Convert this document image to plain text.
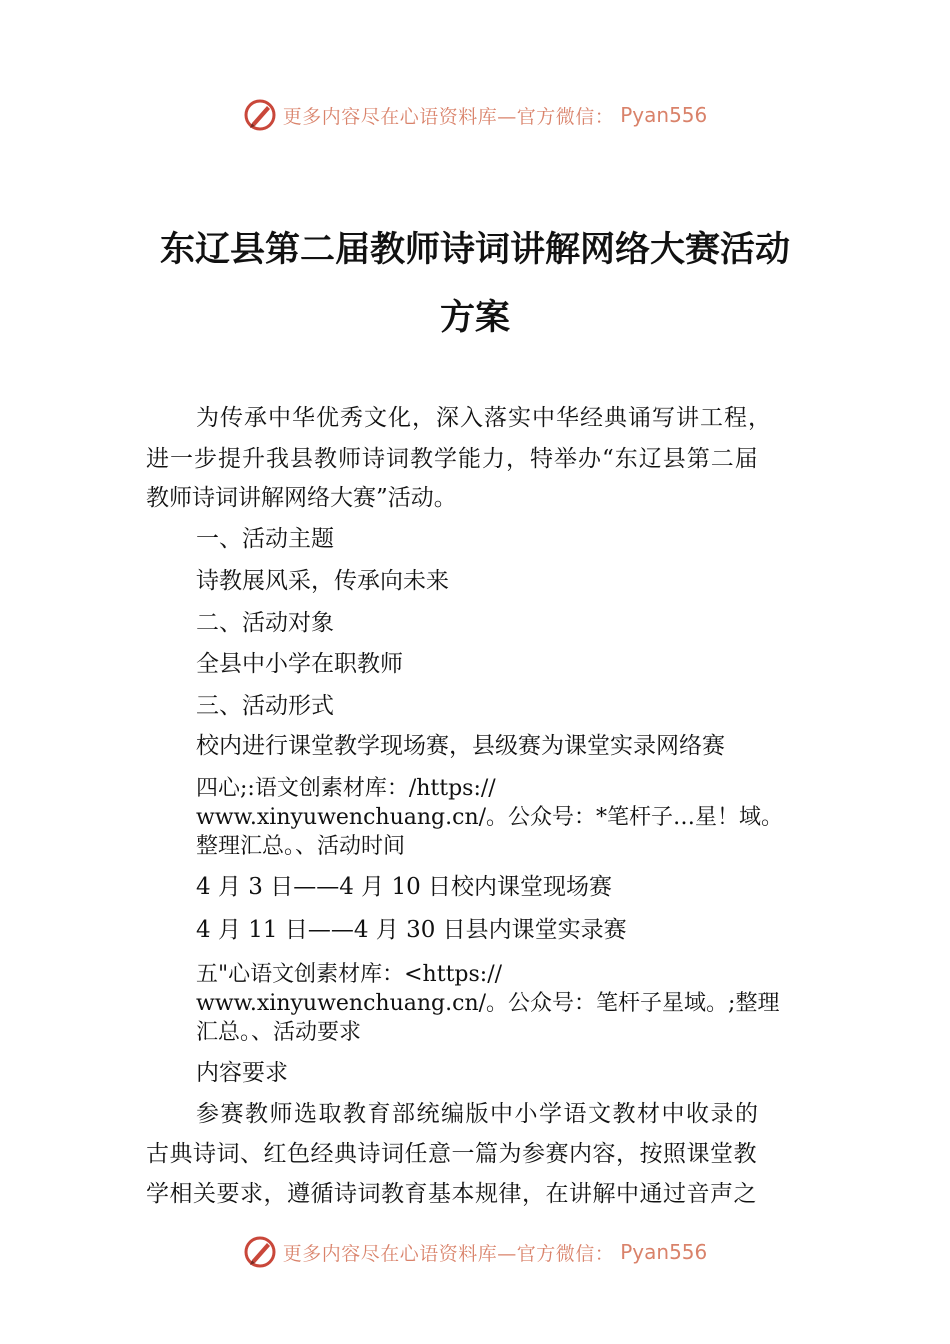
更多内容尽在心语资料库—官方微信： Pyan556
东辽县第二届教师诗词讲解网络大赛活动
方案
为传承中华优秀文化，深入落实中华经典诵写讲工程，
进一步提升我县教师诗词教学能力，特举办“东辽县第二届
教师诗词讲解网络大赛”活动。
一、活动主题
诗教展风采，传承向未来
二、活动对象
全县中小学在职教师
三、活动形式
校内进行课堂教学现场赛，县级赛为课堂实录网络赛
四心;:语文创素材库：/https://
www.xinyuwenchuang.cn/。公众号：*笔杆子…星！域。
整理汇总。、活动时间
4 月 3 日——4 月 10 日校内课堂现场赛
4 月 11 日——4 月 30 日县内课堂实录赛
五"心语文创素材库：<https://
www.xinyuwenchuang.cn/。公众号：笔杆子星域。;整理
汇总。、活动要求
内容要求
参赛教师选取教育部统编版中小学语文教材中收录的
古典诗词、红色经典诗词任意一篇为参赛内容，按照课堂教
学相关要求，遵循诗词教育基本规律，在讲解中通过音声之
更多内容尽在心语资料库—官方微信： Pyan556
